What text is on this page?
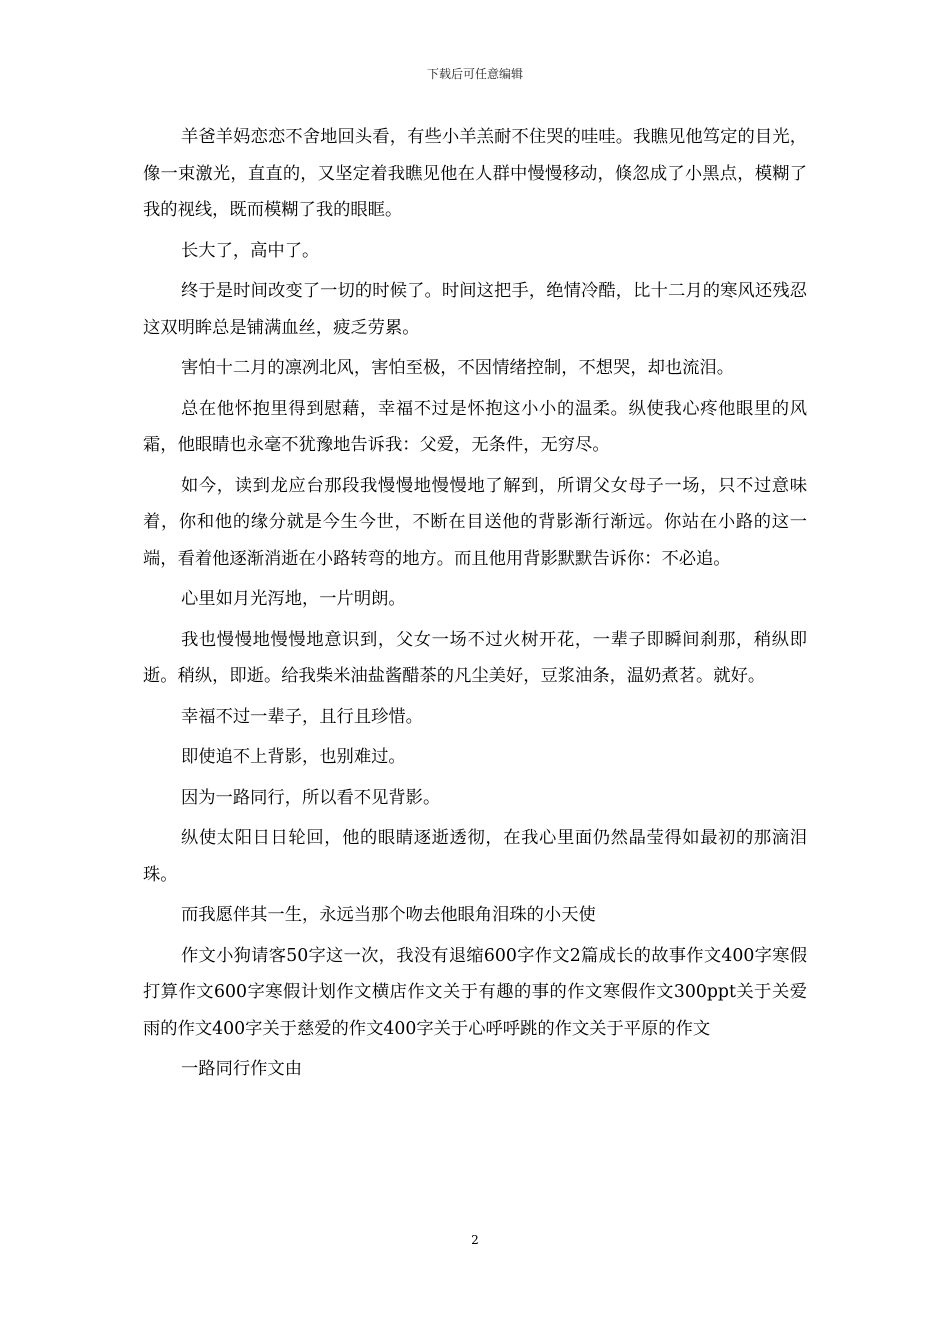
下载后可任意编辑

羊爸羊妈恋恋不舍地回头看，有些小羊羔耐不住哭的哇哇。我瞧见他笃定的目光，像一束激光，直直的，又坚定着我瞧见他在人群中慢慢移动，倏忽成了小黑点，模糊了我的视线，既而模糊了我的眼眶。

长大了，高中了。

终于是时间改变了一切的时候了。时间这把手，绝情冷酷，比十二月的寒风还残忍这双明眸总是铺满血丝，疲乏劳累。

害怕十二月的凛冽北风，害怕至极，不因情绪控制，不想哭，却也流泪。

总在他怀抱里得到慰藉，幸福不过是怀抱这小小的温柔。纵使我心疼他眼里的风霜，他眼睛也永毫不犹豫地告诉我：父爱，无条件，无穷尽。

如今，读到龙应台那段我慢慢地慢慢地了解到，所谓父女母子一场，只不过意味着，你和他的缘分就是今生今世，不断在目送他的背影渐行渐远。你站在小路的这一端，看着他逐渐消逝在小路转弯的地方。而且他用背影默默告诉你：不必追。

心里如月光泻地，一片明朗。

我也慢慢地慢慢地意识到，父女一场不过火树开花，一辈子即瞬间刹那，稍纵即逝。稍纵，即逝。给我柴米油盐酱醋茶的凡尘美好，豆浆油条，温奶煮茗。就好。

幸福不过一辈子，且行且珍惜。

即使追不上背影，也别难过。

因为一路同行，所以看不见背影。

纵使太阳日日轮回，他的眼睛逐逝透彻，在我心里面仍然晶莹得如最初的那滴泪珠。

而我愿伴其一生，永远当那个吻去他眼角泪珠的小天使

作文小狗请客50字这一次，我没有退缩600字作文2篇成长的故事作文400字寒假打算作文600字寒假计划作文横店作文关于有趣的事的作文寒假作文300ppt关于关爱雨的作文400字关于慈爱的作文400字关于心呼呼跳的作文关于平原的作文

一路同行作文由

2
